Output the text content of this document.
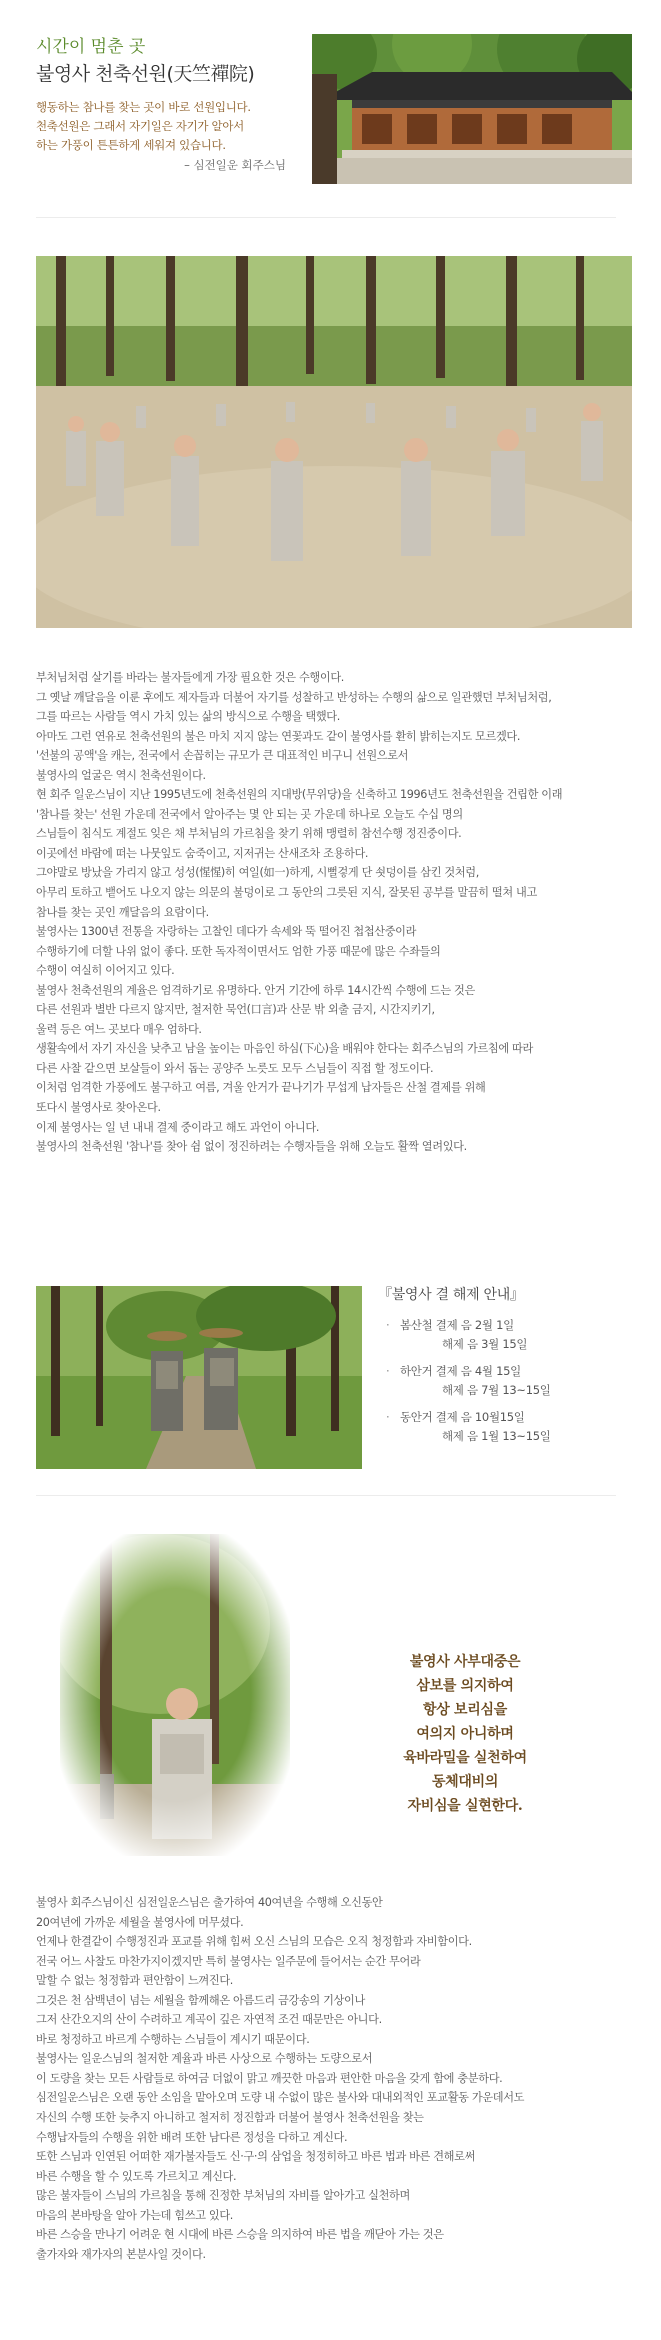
시간이 멈춘 곳
불영사 천축선원(天竺禪院)
행동하는 참나를 찾는 곳이 바로 선원입니다.
천축선원은 그래서 자기일은 자기가 알아서
하는 가풍이 튼튼하게 세워져 있습니다.
– 심전일운 회주스님
부처님처럼 살기를 바라는 불자들에게 가장 필요한 것은 수행이다.
그 옛날 깨달음을 이룬 후에도 제자들과 더불어 자기를 성찰하고 반성하는 수행의 삶으로 일관했던 부처님처럼,
그를 따르는 사람들 역시 가치 있는 삶의 방식으로 수행을 택했다.
아마도 그런 연유로 천축선원의 불은 마치 지지 않는 연꽃과도 같이 불영사를 환히 밝히는지도 모르겠다.
'선불의 공액'을 캐는, 전국에서 손꼽히는 규모가 큰 대표적인 비구니 선원으로서
불영사의 얼굴은 역시 천축선원이다.
현 회주 일운스님이 지난 1995년도에 천축선원의 지대방(무위당)을 신축하고 1996년도 천축선원을 건립한 이래
'참나를 찾는' 선원 가운데 전국에서 알아주는 몇 안 되는 곳 가운데 하나로 오늘도 수십 명의
스님들이 침식도 계절도 잊은 채 부처님의 가르침을 찾기 위해 맹렬히 참선수행 정진중이다.
이곳에선 바람에 떠는 나뭇잎도 숨죽이고, 지저귀는 산새조차 조용하다.
그야말로 방났을 가리지 않고 성성(惺惺)히 여일(如一)하게, 시뻘겋게 단 쇳덩이를 삼킨 것처럼,
아무리 토하고 뱉어도 나오지 않는 의문의 불덩이로 그 동안의 그릇된 지식, 잘못된 공부를 말끔히 떨쳐 내고
참나를 찾는 곳인 깨달음의 요람이다.
불영사는 1300년 전통을 자랑하는 고찰인 데다가 속세와 뚝 떨어진 첩첩산중이라
수행하기에 더할 나위 없이 좋다. 또한 독자적이면서도 엄한 가풍 때문에 많은 수좌들의
수행이 여실히 이어지고 있다.
불영사 천축선원의 계율은 엄격하기로 유명하다. 안거 기간에 하루 14시간씩 수행에 드는 것은
다른 선원과 별반 다르지 않지만, 철저한 묵언(口言)과 산문 밖 외출 금지, 시간지키기,
울력 등은 여느 곳보다 매우 엄하다.
생활속에서 자기 자신을 낮추고 남을 높이는 마음인 하심(下心)을 배워야 한다는 회주스님의 가르침에 따라
다른 사찰 같으면 보살들이 와서 돕는 공양주 노릇도 모두 스님들이 직접 할 정도이다.
이처럼 엄격한 가풍에도 불구하고 여름, 겨울 안거가 끝나기가 무섭게 납자들은 산철 결제를 위해
또다시 불영사로 찾아온다.
이제 불영사는 일 년 내내 결제 중이라고 해도 과언이 아니다.
불영사의 천축선원 '참나'를 찾아 쉼 없이 정진하려는 수행자들을 위해 오늘도 활짝 열려있다.
『불영사 결 해제 안내』
· 봄산철 결제 음 2월 1일
해제 음 3월 15일
· 하안거 결제 음 4월 15일
해제 음 7월 13~15일
· 동안거 결제 음 10월15일
해제 음 1월 13~15일
불영사 사부대중은
삼보를 의지하여
항상 보리심을
여의지 아니하며
육바라밀을 실천하여
동체대비의
자비심을 실현한다.
불영사 회주스님이신 심전일운스님은 출가하여 40여년을 수행해 오신동안
20여년에 가까운 세월을 불영사에 머무셨다.
언제나 한결같이 수행정진과 포교를 위해 힘써 오신 스님의 모습은 오직 청정함과 자비함이다.
전국 어느 사찰도 마찬가지이겠지만 특히 불영사는 일주문에 들어서는 순간 무어라
말할 수 없는 청정함과 편안함이 느껴진다.
그것은 천 삼백년이 넘는 세월을 함께해온 아름드리 금강송의 기상이나
그저 산간오지의 산이 수려하고 계곡이 깊은 자연적 조건 때문만은 아니다.
바로 청정하고 바르게 수행하는 스님들이 계시기 때문이다.
불영사는 일운스님의 철저한 계율과 바른 사상으로 수행하는 도량으로서
이 도량을 찾는 모든 사람들로 하여금 더없이 맑고 깨끗한 마음과 편안한 마음을 갖게 함에 충분하다.
심전일운스님은 오랜 동안 소임을 맡아오며 도량 내 수없이 많은 불사와 대내외적인 포교활동 가운데서도
자신의 수행 또한 늦추지 아니하고 철저히 정진함과 더불어 불영사 천축선원을 찾는
수행납자들의 수행을 위한 배려 또한 남다른 정성을 다하고 계신다.
또한 스님과 인연된 어떠한 재가불자들도 신·구·의 삼업을 청정히하고 바른 법과 바른 견해로써
바른 수행을 할 수 있도록 가르치고 계신다.
많은 불자들이 스님의 가르침을 통해 진정한 부처님의 자비를 알아가고 실천하며
마음의 본바탕을 알아 가는데 힘쓰고 있다.
바른 스승을 만나기 어려운 현 시대에 바른 스승을 의지하여 바른 법을 깨닫아 가는 것은
출가자와 재가자의 본분사일 것이다.
